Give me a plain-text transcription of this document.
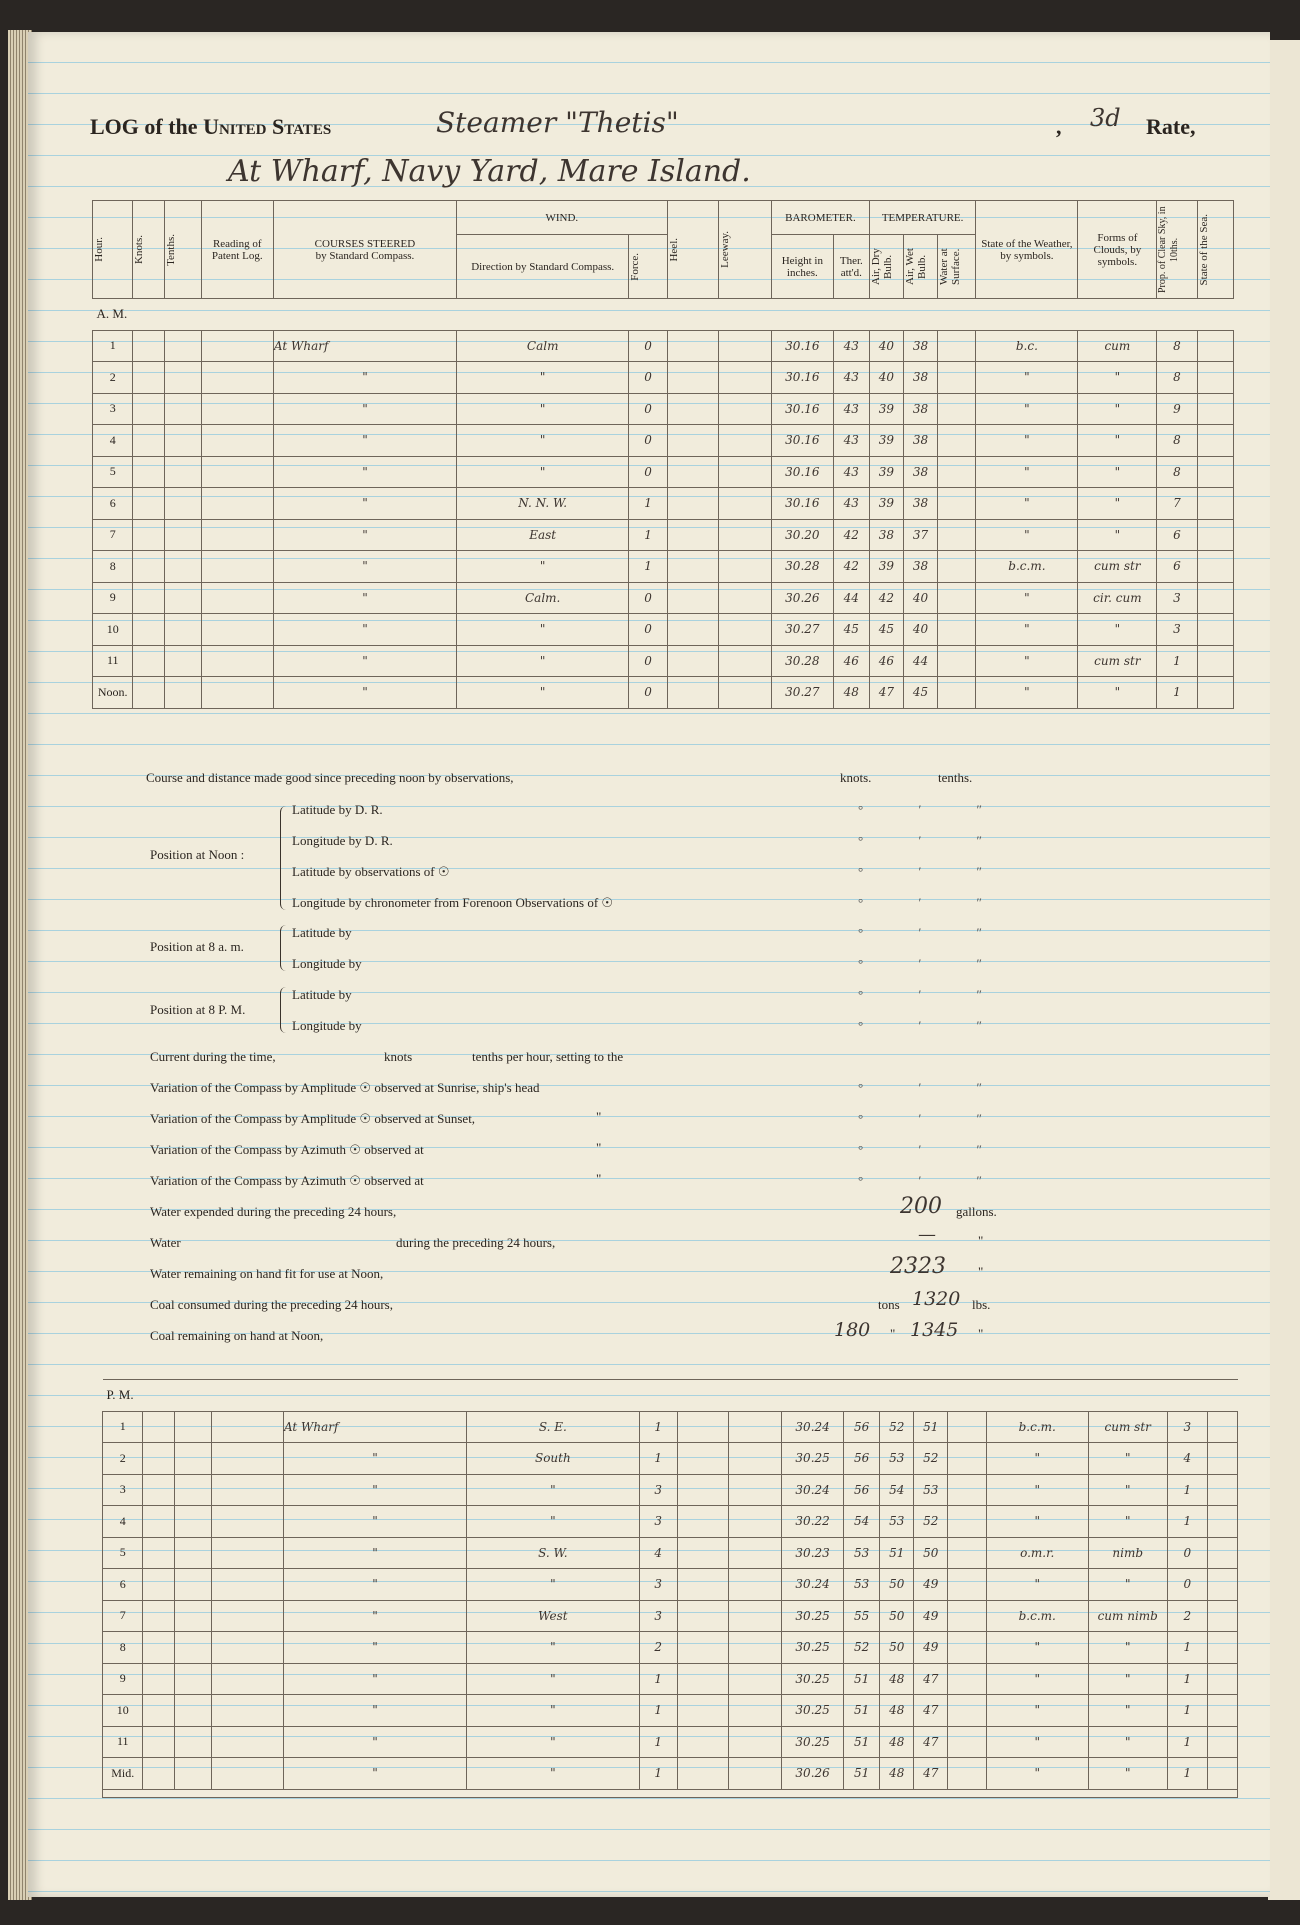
LOG of the United States	Steamer "Thetis"	, 3d Rate,
At Wharf, Navy Yard, Mare Island.
Hour.	Knots.	Tenths.	Reading of Patent Log.	COURSES STEERED
by Standard Compass.	WIND.		Heel.	Leeway.	BAROMETER.		TEMPERATURE.			State of the Weather, by symbols.	Forms of Clouds, by symbols.	Prop. of Clear Sky, in 10ths.	State of the Sea.

					Direction by Standard Compass.	Force.			Height in inches.	Ther. att'd.	Air, Dry Bulb.	Air, Wet Bulb.	Water at Surface.				

A. M.																	
1				At Wharf	Calm	0			30.16	43	40	38		b.c.	cum	8	
2				"	"	0			30.16	43	40	38		"	"	8	
3				"	"	0			30.16	43	39	38		"	"	9	
4				"	"	0			30.16	43	39	38		"	"	8	
5				"	"	0			30.16	43	39	38		"	"	8	
6				"	N. N. W.	1			30.16	43	39	38		"	"	7	
7				"	East	1			30.20	42	38	37		"	"	6	
8				"	"	1			30.28	42	39	38		b.c.m.	cum str	6	
9				"	Calm.	0			30.26	44	42	40		"	cir. cum	3	
10				"	"	0			30.27	45	45	40		"	"	3	
11				"	"	0			30.28	46	46	44		"	cum str	1	
Noon.				"	"	0			30.27	48	47	45		"	"	1	
Course and distance made good since preceding noon by observations,	knots.	tenths.
Position at Noon :
Latitude by D. R.
Longitude by D. R.
Latitude by observations of ☉
Longitude by chronometer from Forenoon Observations of ☉
Position at 8 a. m.
Latitude by
Longitude by
Position at 8 P. M.
Latitude by
Longitude by
° ′ ″
° ′ ″
° ′ ″
° ′ ″
° ′ ″
° ′ ″
° ′ ″
° ′ ″
Current during the time,	knots	tenths per hour, setting to the
Variation of the Compass by Amplitude ☉ observed at Sunrise, ship's head	° ′ ″
Variation of the Compass by Amplitude ☉ observed at Sunset,	"	° ′ ″
Variation of the Compass by Azimuth ☉ observed at	"	° ′ ″
Variation of the Compass by Azimuth ☉ observed at	"	° ′ ″
Water expended during the preceding 24 hours,	200 gallons.
Water	during the preceding 24 hours,	—	"
Water remaining on hand fit for use at Noon,	2323 "
Coal consumed during the preceding 24 hours,	tons 1320 lbs.
Coal remaining on hand at Noon,	180 " 1345 "
P. M.																	
1				At Wharf	S. E.	1			30.24	56	52	51		b.c.m.	cum str	3	
2				"	South	1			30.25	56	53	52		"	"	4	
3				"	"	3			30.24	56	54	53		"	"	1	
4				"	"	3			30.22	54	53	52		"	"	1	
5				"	S. W.	4			30.23	53	51	50		o.m.r.	nimb	0	
6				"	"	3			30.24	53	50	49		"	"	0	
7				"	West	3			30.25	55	50	49		b.c.m.	cum nimb	2	
8				"	"	2			30.25	52	50	49		"	"	1	
9				"	"	1			30.25	51	48	47		"	"	1	
10				"	"	1			30.25	51	48	47		"	"	1	
11				"	"	1			30.25	51	48	47		"	"	1	
Mid.				"	"	1			30.26	51	48	47		"	"	1	
